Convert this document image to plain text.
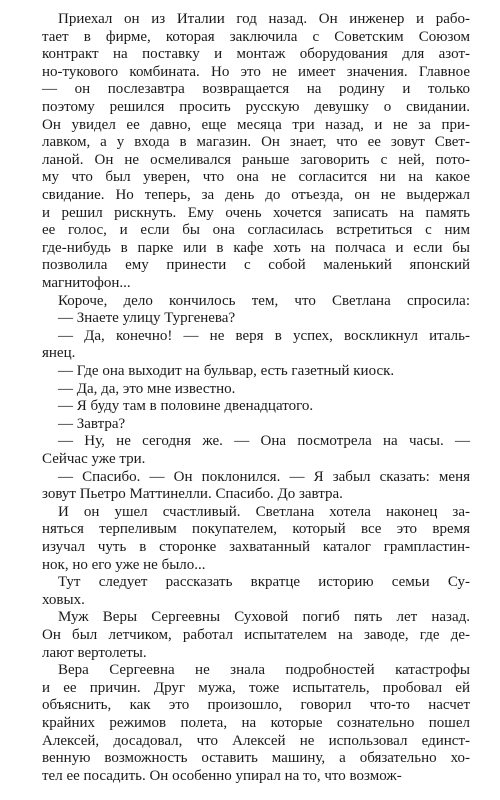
Приехал он из Италии год назад. Он инженер и рабо-
тает в фирме, которая заключила с Советским Союзом
контракт на поставку и монтаж оборудования для азот-
но-тукового комбината. Но это не имеет значения. Главное
— он послезавтра возвращается на родину и только
поэтому решился просить русскую девушку о свидании.
Он увидел ее давно, еще месяца три назад, и не за при-
лавком, а у входа в магазин. Он знает, что ее зовут Свет-
ланой. Он не осмеливался раньше заговорить с ней, пото-
му что был уверен, что она не согласится ни на какое
свидание. Но теперь, за день до отъезда, он не выдержал
и решил рискнуть. Ему очень хочется записать на память
ее голос, и если бы она согласилась встретиться с ним
где-нибудь в парке или в кафе хоть на полчаса и если бы
позволила ему принести с собой маленький японский
магнитофон...
Короче, дело кончилось тем, что Светлана спросила:
— Знаете улицу Тургенева?
— Да, конечно! — не веря в успех, воскликнул италь-
янец.
— Где она выходит на бульвар, есть газетный киоск.
— Да, да, это мне известно.
— Я буду там в половине двенадцатого.
— Завтра?
— Ну, не сегодня же. — Она посмотрела на часы. —
Сейчас уже три.
— Спасибо. — Он поклонился. — Я забыл сказать: меня
зовут Пьетро Маттинелли. Спасибо. До завтра.
И он ушел счастливый. Светлана хотела наконец за-
няться терпеливым покупателем, который все это время
изучал чуть в сторонке захватанный каталог грампластин-
нок, но его уже не было...
Тут следует рассказать вкратце историю семьи Су-
ховых.
Муж Веры Сергеевны Суховой погиб пять лет назад.
Он был летчиком, работал испытателем на заводе, где де-
лают вертолеты.
Вера Сергеевна не знала подробностей катастрофы
и ее причин. Друг мужа, тоже испытатель, пробовал ей
объяснить, как это произошло, говорил что-то насчет
крайних режимов полета, на которые сознательно пошел
Алексей, досадовал, что Алексей не использовал единст-
венную возможность оставить машину, а обязательно хо-
тел ее посадить. Он особенно упирал на то, что возмож-
